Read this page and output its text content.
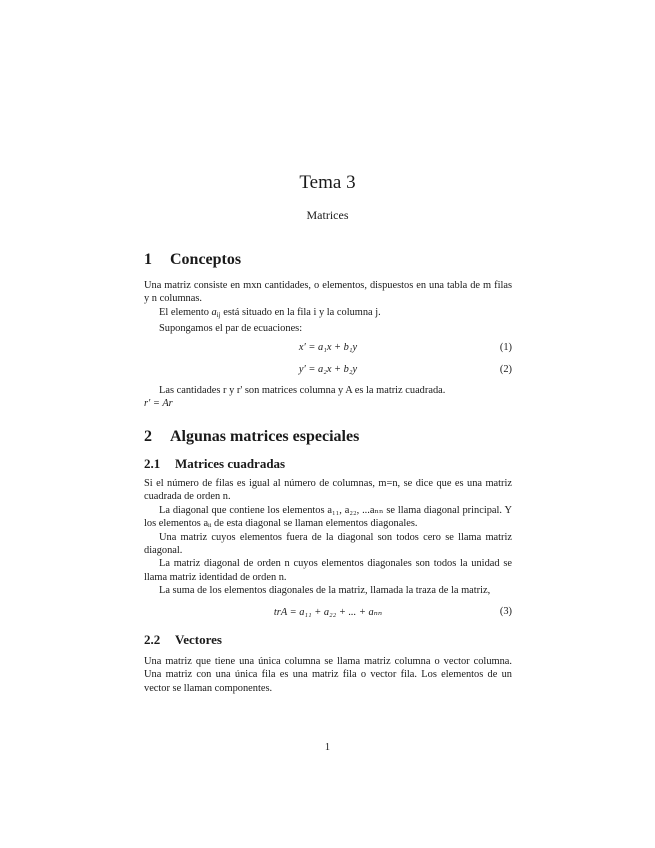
Tema 3
Matrices
1 Conceptos

Una matriz consiste en mxn cantidades, o elementos, dispuestos en una tabla de m filas y n columnas.

El elemento $a_{ij}$ está situado en la fila i y la columna j.

Supongamos el par de ecuaciones:

x′ = a₁x + b₁y	(1)
y′ = a₂x + b₂y	(2)

Las cantidades r y r' son matrices columna y A es la matriz cuadrada.

r′ = Ar

2 Algunas matrices especiales
2.1 Matrices cuadradas

Si el número de filas es igual al número de columnas, m=n, se dice que es una matriz cuadrada de orden n.

La diagonal que contiene los elementos a₁₁, a₂₂, ...aₙₙ se llama diagonal principal. Y los elementos aᵢᵢ de esta diagonal se llaman elementos diagonales.

Una matriz cuyos elementos fuera de la diagonal son todos cero se llama matriz diagonal.

La matriz diagonal de orden n cuyos elementos diagonales son todos la unidad se llama matriz identidad de orden n.

La suma de los elementos diagonales de la matriz, llamada la traza de la matriz,

trA = a₁₁ + a₂₂ + ... + aₙₙ	(3)
2.2 Vectores

Una matriz que tiene una única columna se llama matriz columna o vector columna. Una matriz con una única fila es una matriz fila o vector fila. Los elementos de un vector se llaman componentes.

1
